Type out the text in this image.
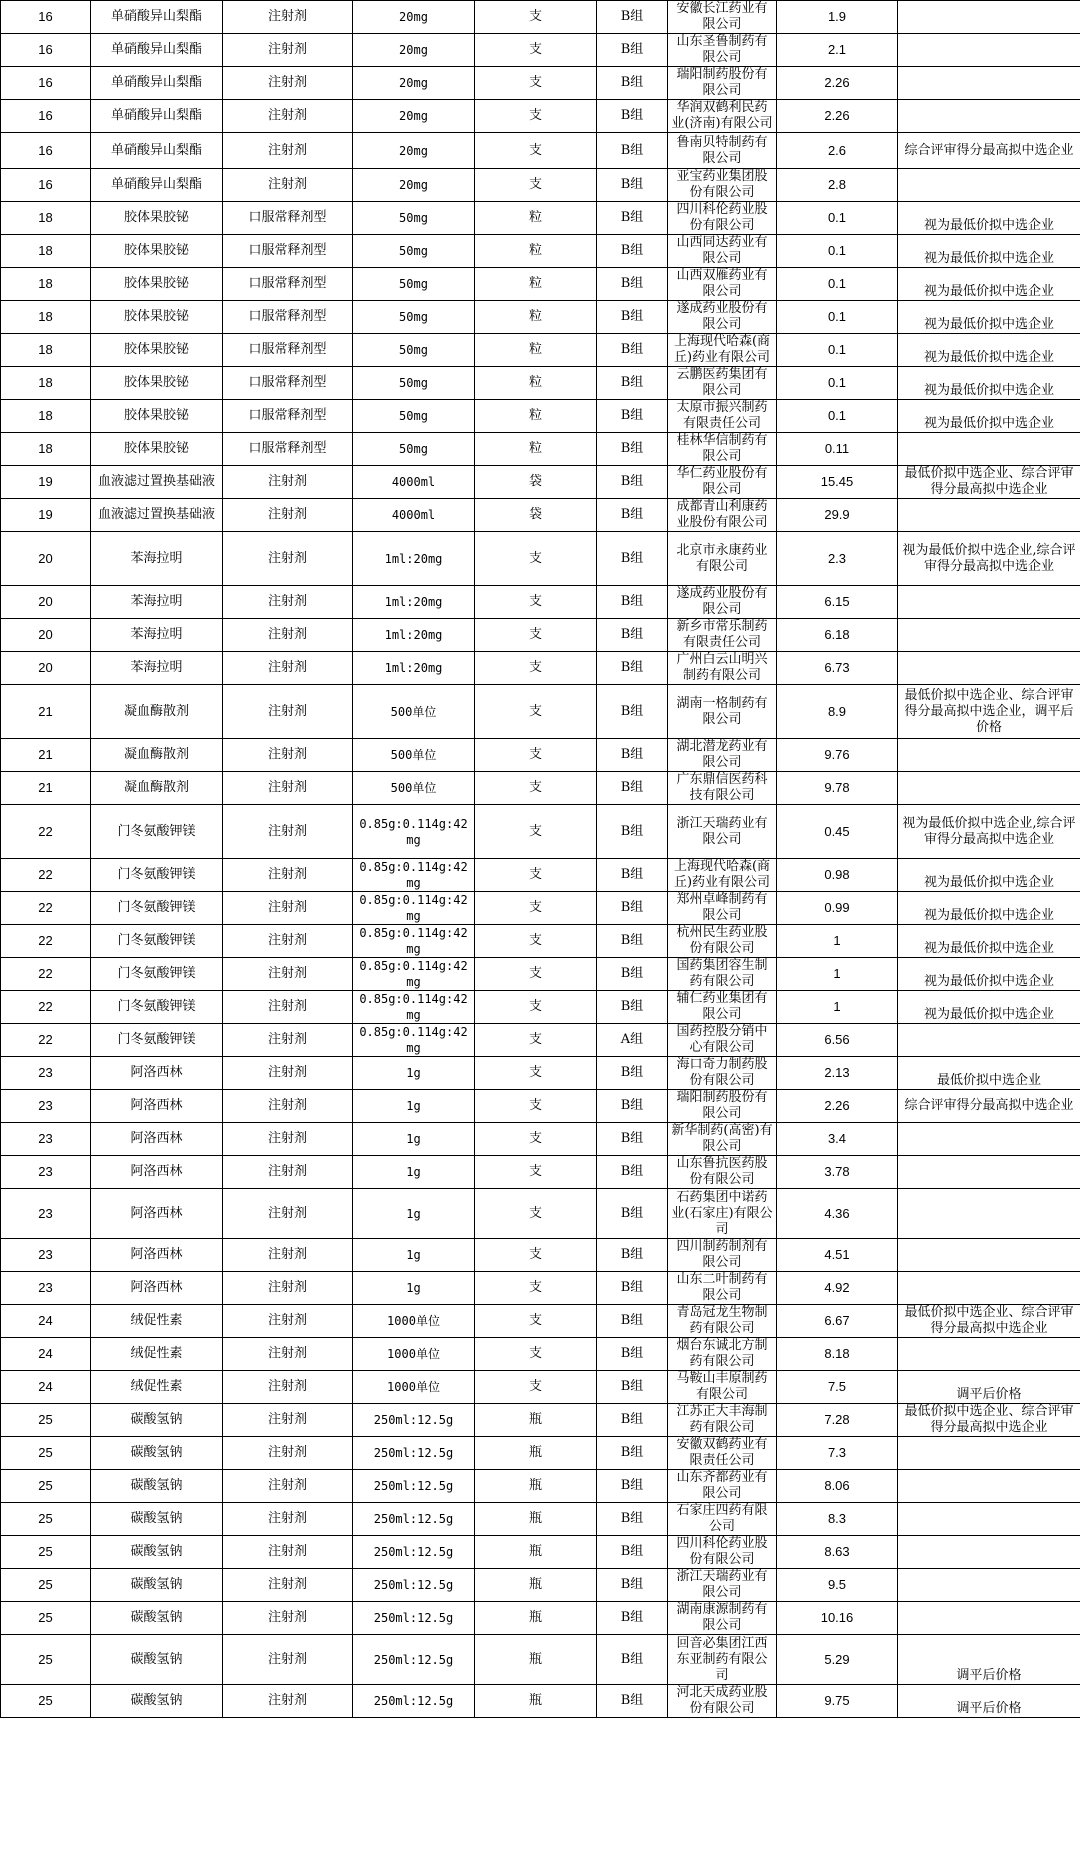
16	单硝酸异山梨酯	注射剂	20mg	支	B组	安徽长江药业有限公司	1.9	
16	单硝酸异山梨酯	注射剂	20mg	支	B组	山东圣鲁制药有限公司	2.1	
16	单硝酸异山梨酯	注射剂	20mg	支	B组	瑞阳制药股份有限公司	2.26	
16	单硝酸异山梨酯	注射剂	20mg	支	B组	华润双鹤利民药业(济南)有限公司	2.26	
16	单硝酸异山梨酯	注射剂	20mg	支	B组	鲁南贝特制药有限公司	2.6	综合评审得分最高拟中选企业
16	单硝酸异山梨酯	注射剂	20mg	支	B组	亚宝药业集团股份有限公司	2.8	
18	胶体果胶铋	口服常释剂型	50mg	粒	B组	四川科伦药业股份有限公司	0.1	视为最低价拟中选企业
18	胶体果胶铋	口服常释剂型	50mg	粒	B组	山西同达药业有限公司	0.1	视为最低价拟中选企业
18	胶体果胶铋	口服常释剂型	50mg	粒	B组	山西双雁药业有限公司	0.1	视为最低价拟中选企业
18	胶体果胶铋	口服常释剂型	50mg	粒	B组	遂成药业股份有限公司	0.1	视为最低价拟中选企业
18	胶体果胶铋	口服常释剂型	50mg	粒	B组	上海现代哈森(商丘)药业有限公司	0.1	视为最低价拟中选企业
18	胶体果胶铋	口服常释剂型	50mg	粒	B组	云鹏医药集团有限公司	0.1	视为最低价拟中选企业
18	胶体果胶铋	口服常释剂型	50mg	粒	B组	太原市振兴制药有限责任公司	0.1	视为最低价拟中选企业
18	胶体果胶铋	口服常释剂型	50mg	粒	B组	桂林华信制药有限公司	0.11	
19	血液滤过置换基础液	注射剂	4000ml	袋	B组	华仁药业股份有限公司	15.45	最低价拟中选企业、综合评审得分最高拟中选企业
19	血液滤过置换基础液	注射剂	4000ml	袋	B组	成都青山利康药业股份有限公司	29.9	
20	苯海拉明	注射剂	1ml:20mg	支	B组	北京市永康药业有限公司	2.3	视为最低价拟中选企业,综合评审得分最高拟中选企业
20	苯海拉明	注射剂	1ml:20mg	支	B组	遂成药业股份有限公司	6.15	
20	苯海拉明	注射剂	1ml:20mg	支	B组	新乡市常乐制药有限责任公司	6.18	
20	苯海拉明	注射剂	1ml:20mg	支	B组	广州白云山明兴制药有限公司	6.73	
21	凝血酶散剂	注射剂	500单位	支	B组	湖南一格制药有限公司	8.9	最低价拟中选企业、综合评审得分最高拟中选企业，调平后价格
21	凝血酶散剂	注射剂	500单位	支	B组	湖北潜龙药业有限公司	9.76	
21	凝血酶散剂	注射剂	500单位	支	B组	广东鼎信医药科技有限公司	9.78	
22	门冬氨酸钾镁	注射剂	0.85g:0.114g:42mg	支	B组	浙江天瑞药业有限公司	0.45	视为最低价拟中选企业,综合评审得分最高拟中选企业
22	门冬氨酸钾镁	注射剂	0.85g:0.114g:42mg	支	B组	上海现代哈森(商丘)药业有限公司	0.98	视为最低价拟中选企业
22	门冬氨酸钾镁	注射剂	0.85g:0.114g:42mg	支	B组	郑州卓峰制药有限公司	0.99	视为最低价拟中选企业
22	门冬氨酸钾镁	注射剂	0.85g:0.114g:42mg	支	B组	杭州民生药业股份有限公司	1	视为最低价拟中选企业
22	门冬氨酸钾镁	注射剂	0.85g:0.114g:42mg	支	B组	国药集团容生制药有限公司	1	视为最低价拟中选企业
22	门冬氨酸钾镁	注射剂	0.85g:0.114g:42mg	支	B组	辅仁药业集团有限公司	1	视为最低价拟中选企业
22	门冬氨酸钾镁	注射剂	0.85g:0.114g:42mg	支	A组	国药控股分销中心有限公司	6.56	
23	阿洛西林	注射剂	1g	支	B组	海口奇力制药股份有限公司	2.13	最低价拟中选企业
23	阿洛西林	注射剂	1g	支	B组	瑞阳制药股份有限公司	2.26	综合评审得分最高拟中选企业
23	阿洛西林	注射剂	1g	支	B组	新华制药(高密)有限公司	3.4	
23	阿洛西林	注射剂	1g	支	B组	山东鲁抗医药股份有限公司	3.78	
23	阿洛西林	注射剂	1g	支	B组	石药集团中诺药业(石家庄)有限公司	4.36	
23	阿洛西林	注射剂	1g	支	B组	四川制药制剂有限公司	4.51	
23	阿洛西林	注射剂	1g	支	B组	山东二叶制药有限公司	4.92	
24	绒促性素	注射剂	1000单位	支	B组	青岛冠龙生物制药有限公司	6.67	最低价拟中选企业、综合评审得分最高拟中选企业
24	绒促性素	注射剂	1000单位	支	B组	烟台东诚北方制药有限公司	8.18	
24	绒促性素	注射剂	1000单位	支	B组	马鞍山丰原制药有限公司	7.5	调平后价格
25	碳酸氢钠	注射剂	250ml:12.5g	瓶	B组	江苏正大丰海制药有限公司	7.28	最低价拟中选企业、综合评审得分最高拟中选企业
25	碳酸氢钠	注射剂	250ml:12.5g	瓶	B组	安徽双鹤药业有限责任公司	7.3	
25	碳酸氢钠	注射剂	250ml:12.5g	瓶	B组	山东齐都药业有限公司	8.06	
25	碳酸氢钠	注射剂	250ml:12.5g	瓶	B组	石家庄四药有限公司	8.3	
25	碳酸氢钠	注射剂	250ml:12.5g	瓶	B组	四川科伦药业股份有限公司	8.63	
25	碳酸氢钠	注射剂	250ml:12.5g	瓶	B组	浙江天瑞药业有限公司	9.5	
25	碳酸氢钠	注射剂	250ml:12.5g	瓶	B组	湖南康源制药有限公司	10.16	
25	碳酸氢钠	注射剂	250ml:12.5g	瓶	B组	回音必集团江西东亚制药有限公司	5.29	调平后价格
25	碳酸氢钠	注射剂	250ml:12.5g	瓶	B组	河北天成药业股份有限公司	9.75	调平后价格
